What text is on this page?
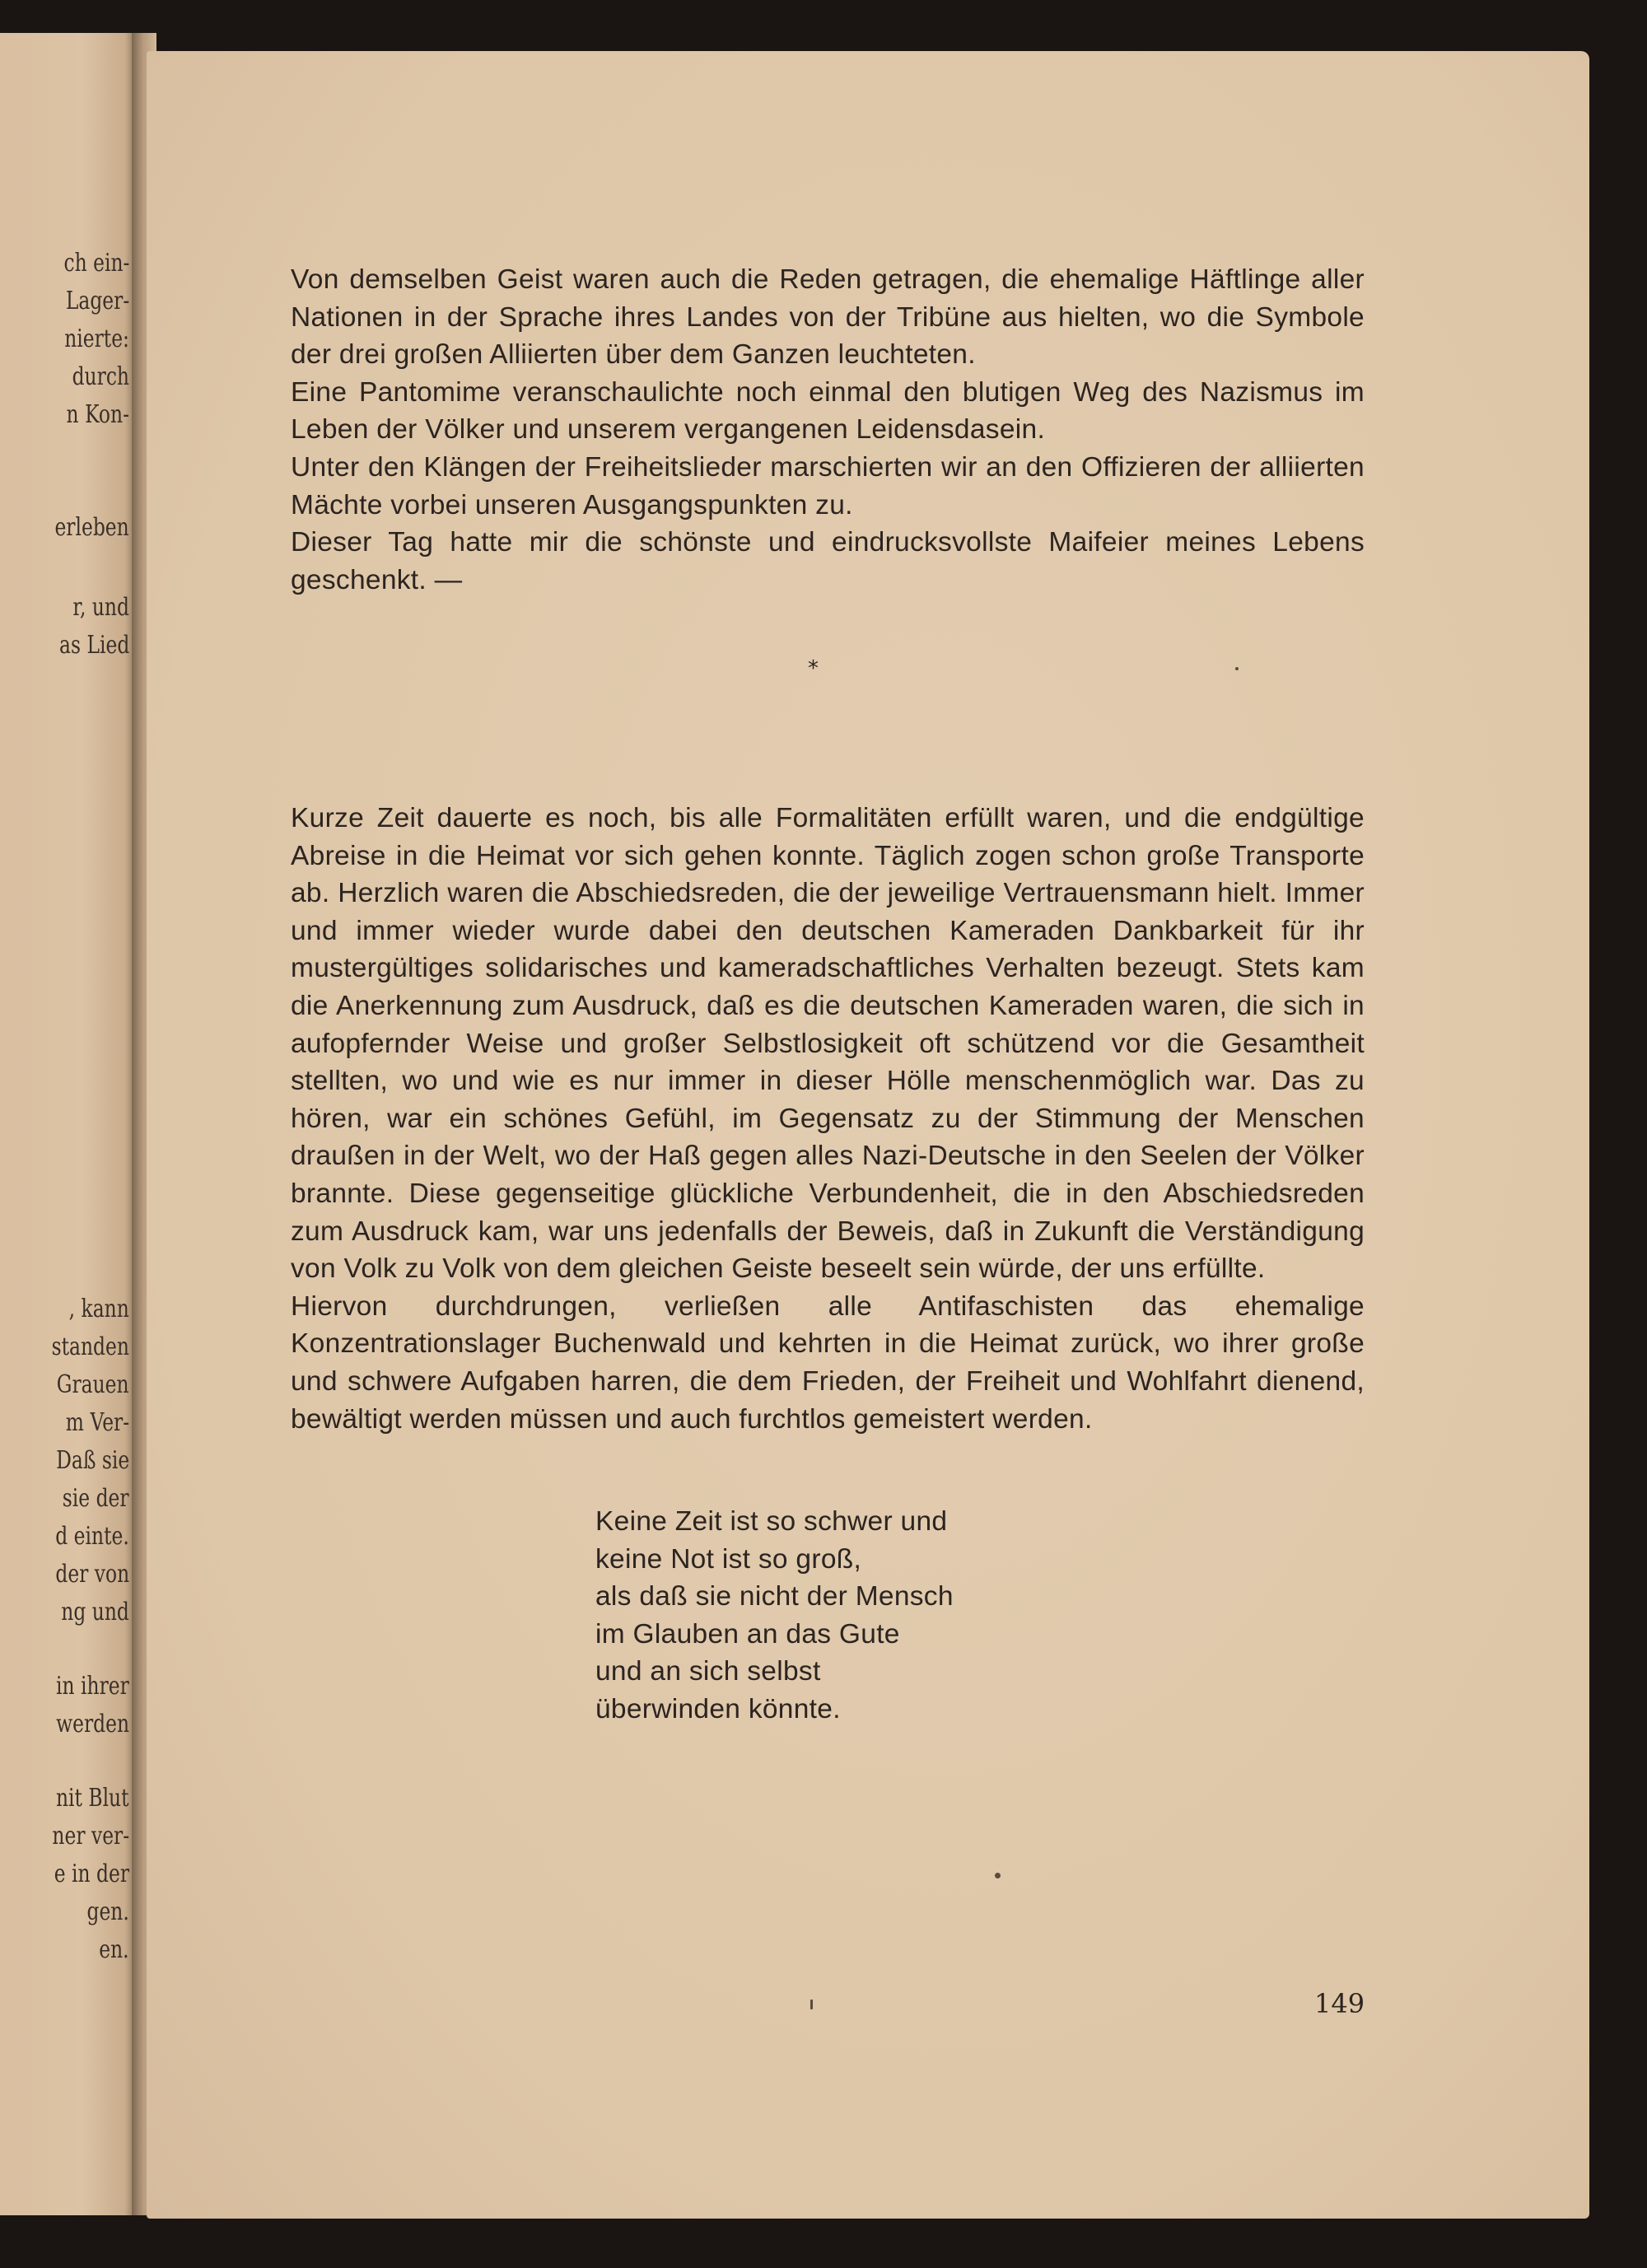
ch ein-
Lager-
nierte:
durch
n Kon-
erleben
r, und
as Lied
, kann
standen
Grauen
m Ver-
Daß sie
sie der
d einte.
der von
ng und
in ihrer
werden
nit Blut
ner ver-
e in der
gen.
en.

Von demselben Geist waren auch die Reden getragen, die ehemalige Häftlinge aller Nationen in der Sprache ihres Landes von der Tribüne aus hielten, wo die Symbole der drei großen Alliierten über dem Ganzen leuchteten.

Eine Pantomime veranschaulichte noch einmal den blutigen Weg des Nazismus im Leben der Völker und unserem vergangenen Leidensdasein.

Unter den Klängen der Freiheitslieder marschierten wir an den Offizieren der alliierten Mächte vorbei unseren Ausgangspunkten zu.

Dieser Tag hatte mir die schönste und eindrucksvollste Maifeier meines Lebens geschenkt. —

*

Kurze Zeit dauerte es noch, bis alle Formalitäten erfüllt waren, und die endgültige Abreise in die Heimat vor sich gehen konnte. Täglich zogen schon große Transporte ab. Herzlich waren die Abschiedsreden, die der jeweilige Vertrauensmann hielt. Immer und immer wieder wurde dabei den deutschen Kameraden Dankbarkeit für ihr mustergültiges solidarisches und kameradschaftliches Verhalten bezeugt. Stets kam die Anerkennung zum Ausdruck, daß es die deutschen Kameraden waren, die sich in aufopfernder Weise und großer Selbstlosigkeit oft schützend vor die Gesamtheit stellten, wo und wie es nur immer in dieser Hölle menschenmöglich war. Das zu hören, war ein schönes Gefühl, im Gegensatz zu der Stimmung der Menschen draußen in der Welt, wo der Haß gegen alles Nazi-Deutsche in den Seelen der Völker brannte. Diese gegenseitige glückliche Verbundenheit, die in den Abschiedsreden zum Ausdruck kam, war uns jedenfalls der Beweis, daß in Zukunft die Verständigung von Volk zu Volk von dem gleichen Geiste beseelt sein würde, der uns erfüllte.

Hiervon durchdrungen, verließen alle Antifaschisten das ehemalige Konzentrationslager Buchenwald und kehrten in die Heimat zurück, wo ihrer große und schwere Aufgaben harren, die dem Frieden, der Freiheit und Wohlfahrt dienend, bewältigt werden müssen und auch furchtlos gemeistert werden.

Keine Zeit ist so schwer und
keine Not ist so groß,
als daß sie nicht der Mensch
im Glauben an das Gute
und an sich selbst
überwinden könnte.
149
